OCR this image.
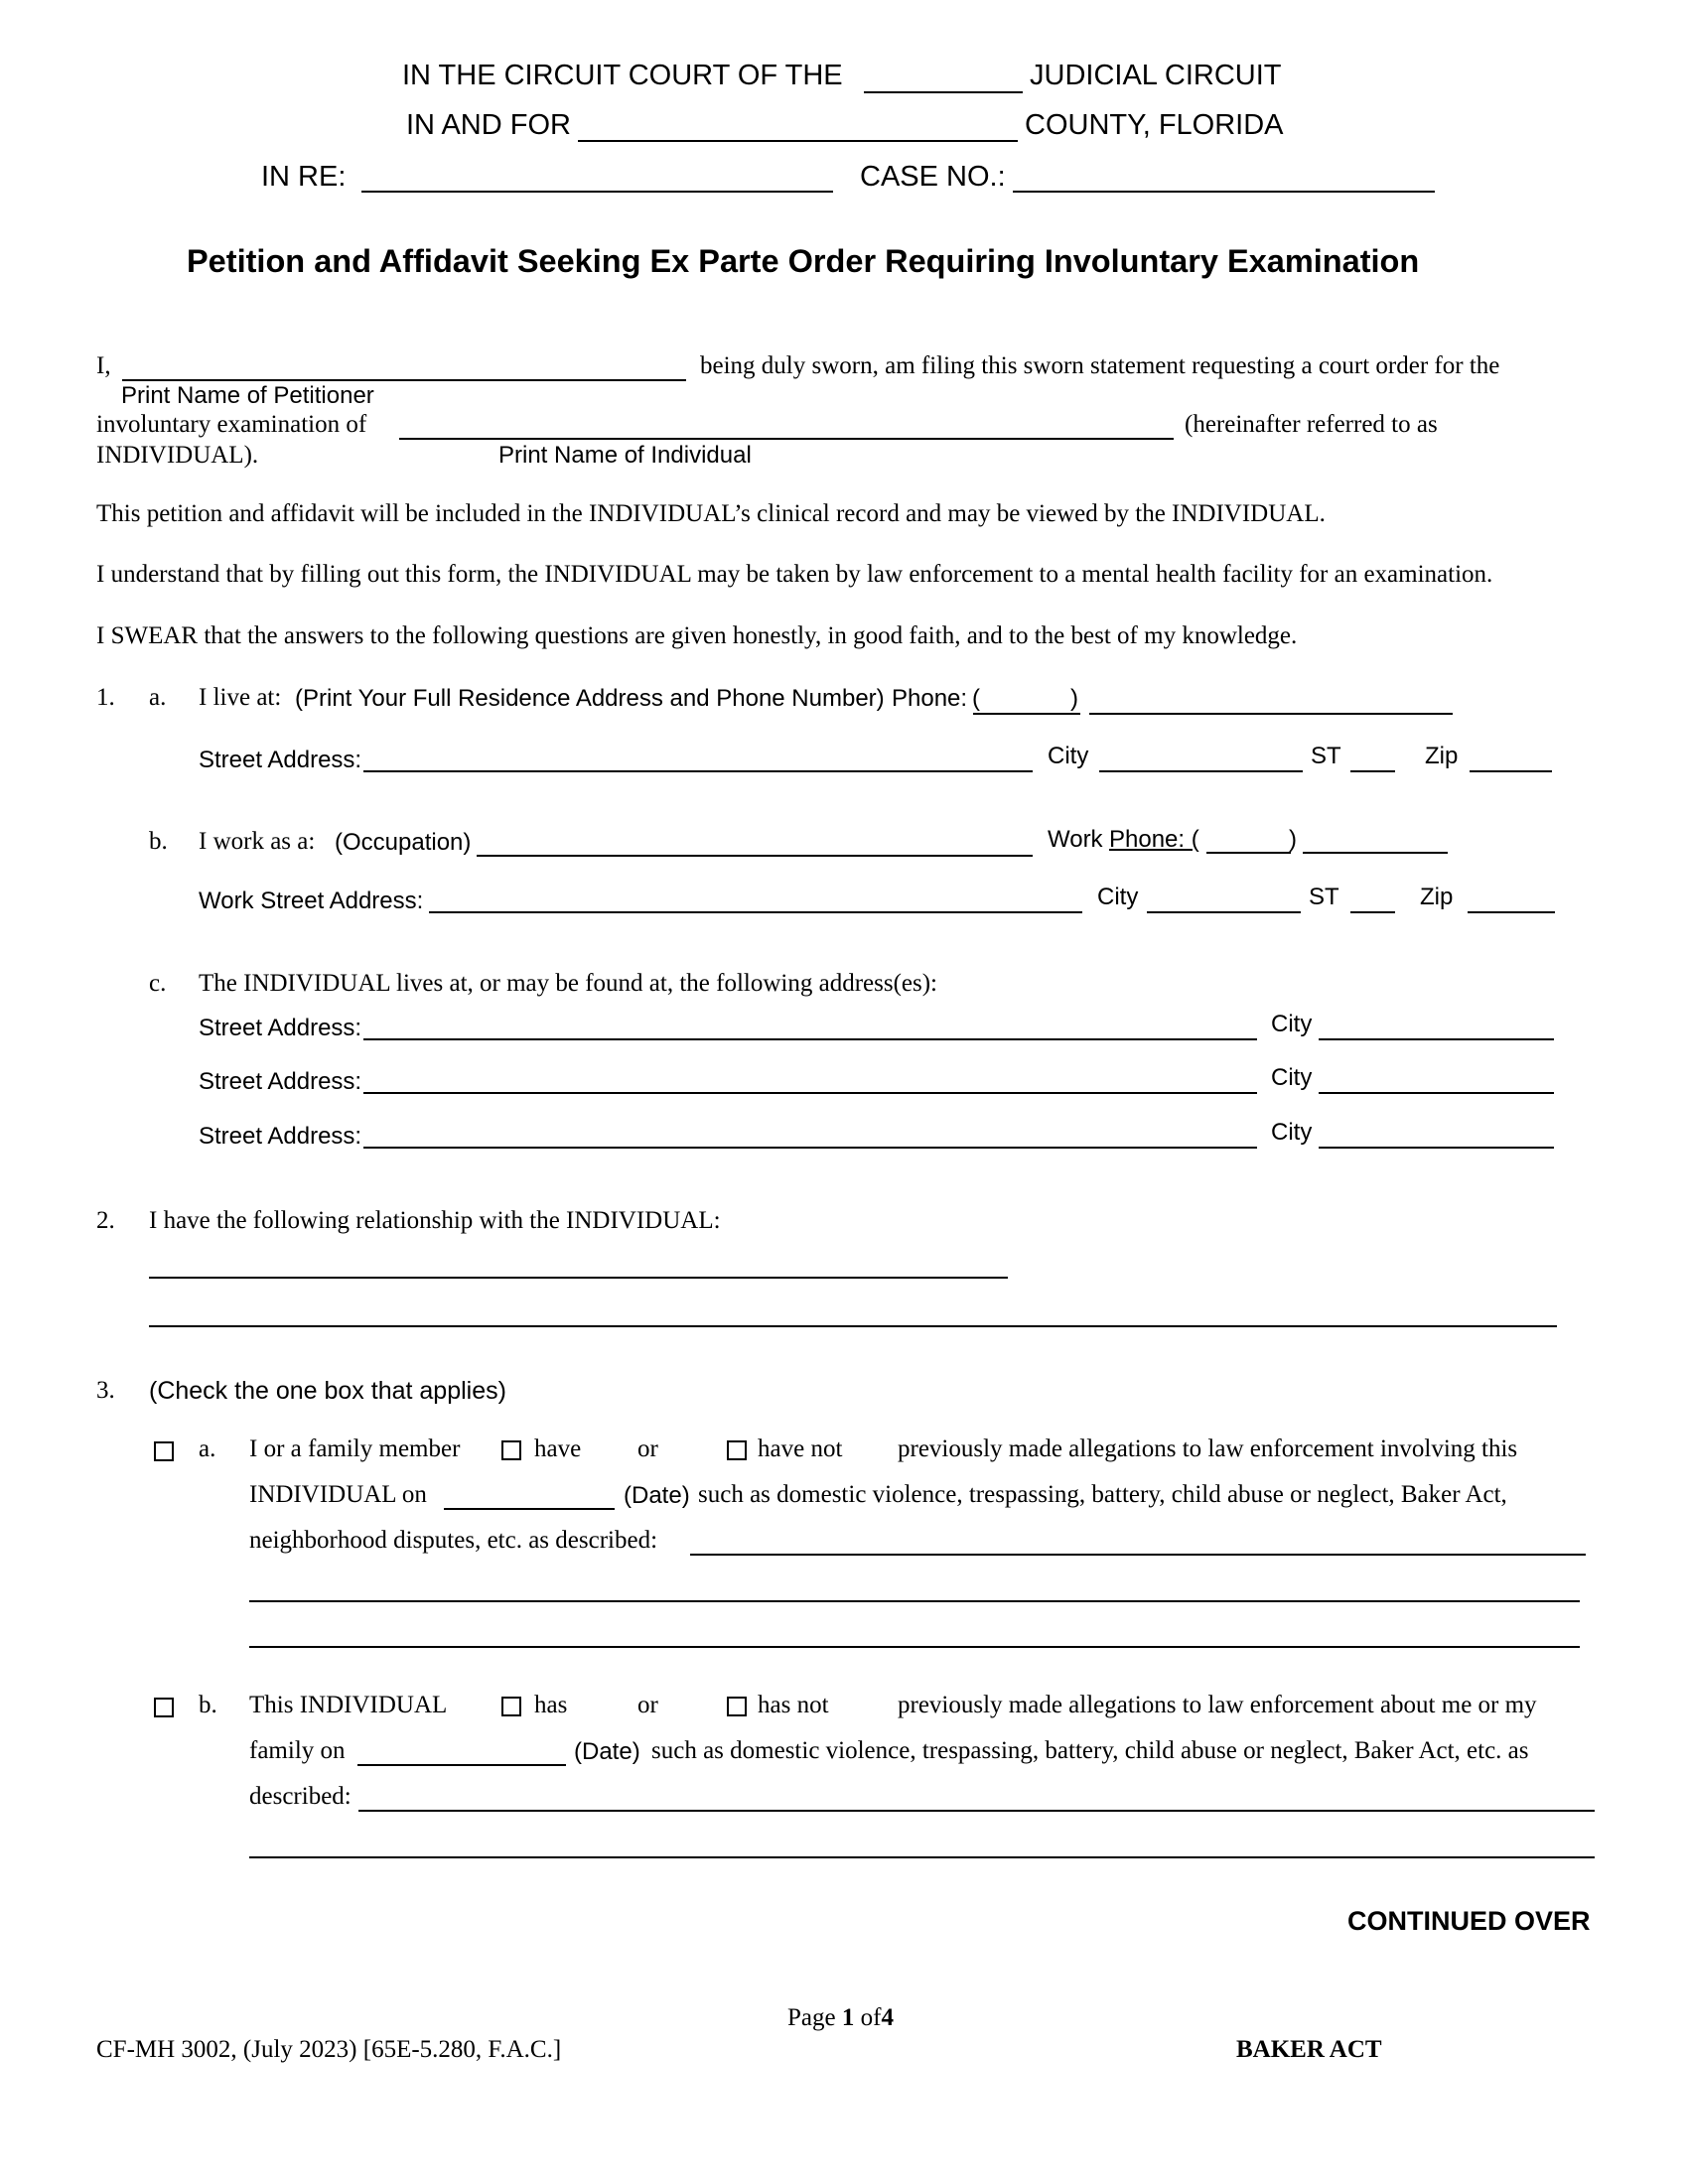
IN THE CIRCUIT COURT OF THE	JUDICIAL CIRCUIT
IN AND FOR	COUNTY, FLORIDA
IN RE:	CASE NO.:
Petition and Affidavit Seeking Ex Parte Order Requiring Involuntary Examination
I,	being duly sworn, am filing this sworn statement requesting a court order for the
Print Name of Petitioner
involuntary examination of	(hereinafter referred to as
INDIVIDUAL).	Print Name of Individual
This petition and affidavit will be included in the INDIVIDUAL’s clinical record and may be viewed by the INDIVIDUAL.
I understand that by filling out this form, the INDIVIDUAL may be taken by law enforcement to a mental health facility for an examination.
I SWEAR that the answers to the following questions are given honestly, in good faith, and to the best of my knowledge.
1. a. I live at: (Print Your Full Residence Address and Phone Number) Phone: (	)
Street Address:	City	ST	Zip
b. I work as a: (Occupation)	Work Phone: (	)
Work Street Address:	City	ST	Zip
c. The INDIVIDUAL lives at, or may be found at, the following address(es):
Street Address:	City
Street Address:	City
Street Address:	City
2. I have the following relationship with the INDIVIDUAL:
3. (Check the one box that applies)
a. I or a family member	have or	have not previously made allegations to law enforcement involving this
INDIVIDUAL on	(Date) such as domestic violence, trespassing, battery, child abuse or neglect, Baker Act,
neighborhood disputes, etc. as described:
b. This INDIVIDUAL	has	or	has not	previously made allegations to law enforcement about me or my
family on	(Date) such as domestic violence, trespassing, battery, child abuse or neglect, Baker Act, etc. as
described:
CONTINUED OVER
Page 1 of4
CF-MH 3002, (July 2023) [65E-5.280, F.A.C.]	BAKER ACT
